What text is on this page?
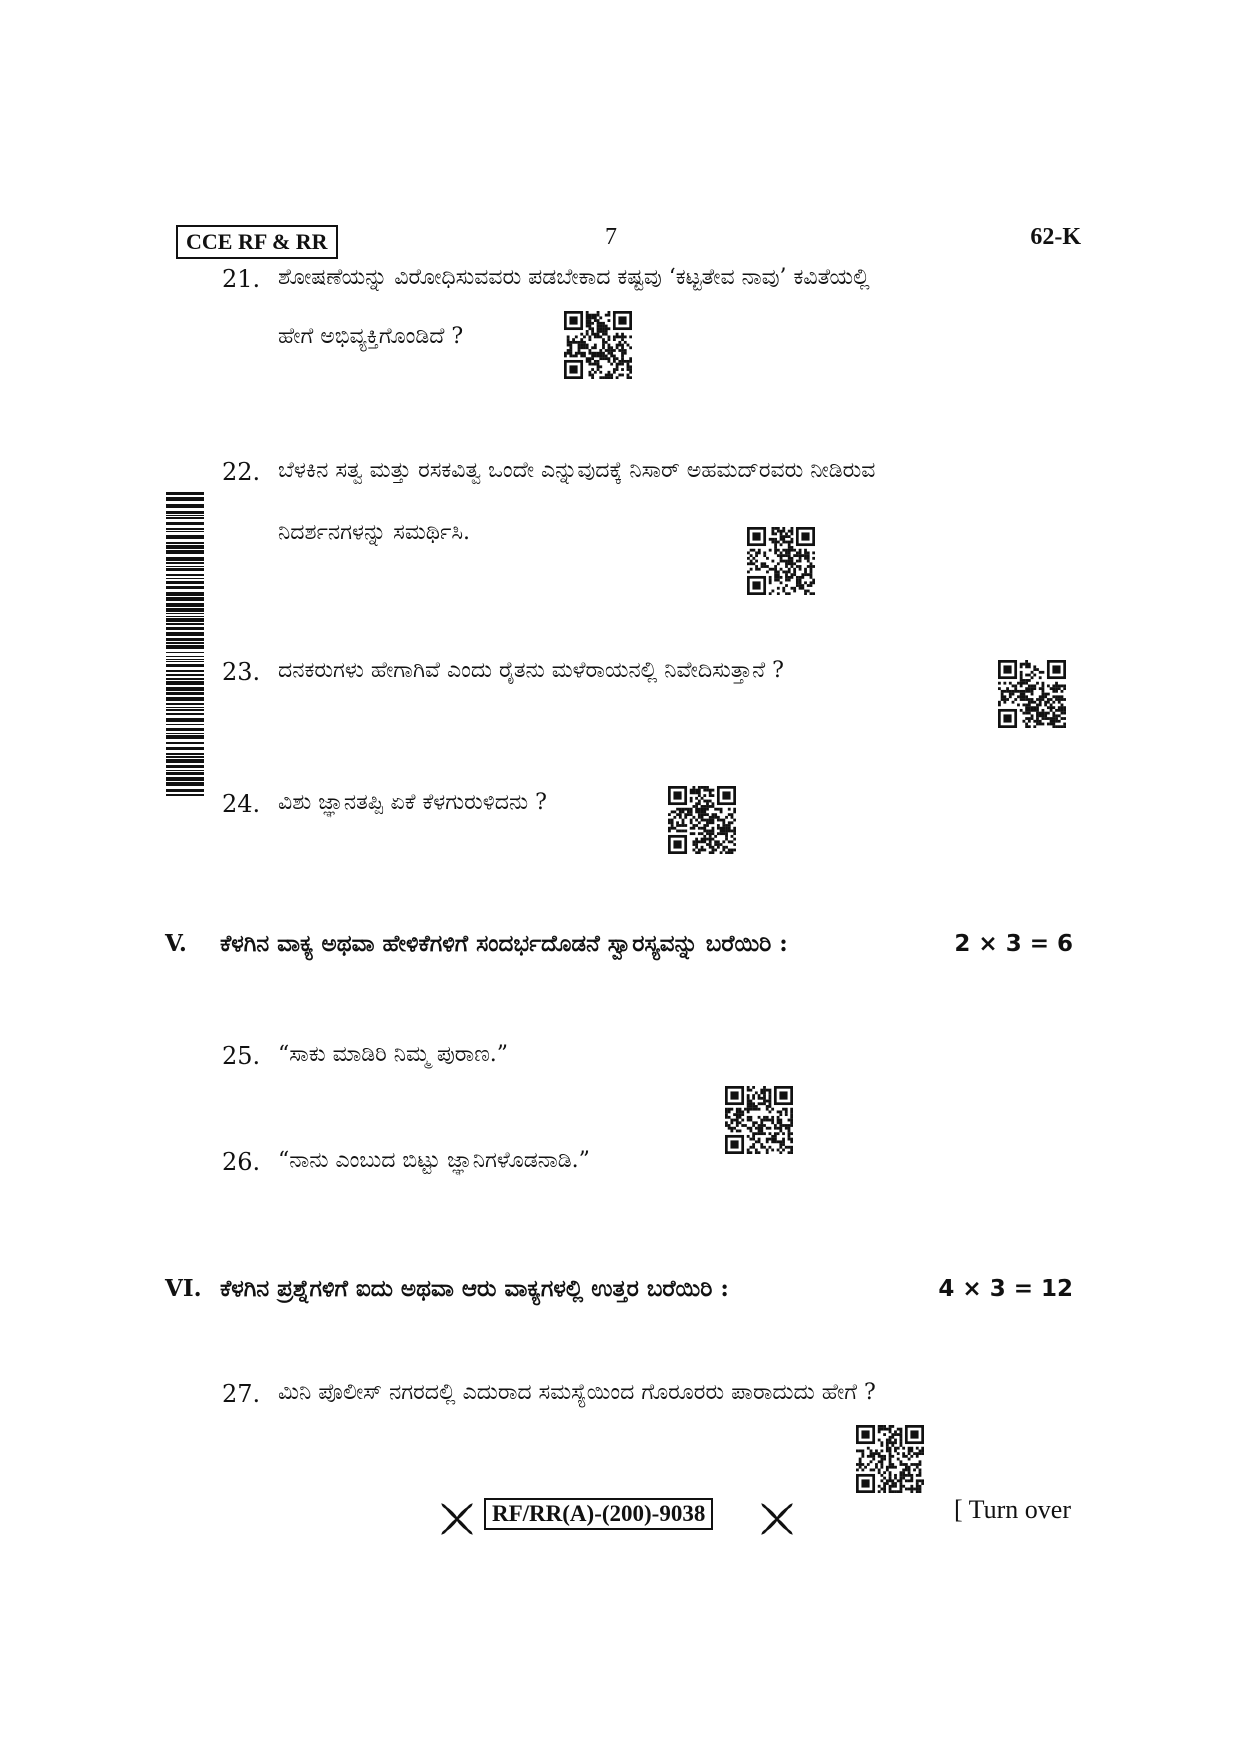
CCE RF & RR	7	62-K
21. ಶೋಷಣೆಯನ್ನು ವಿರೋಧಿಸುವವರು ಪಡಬೇಕಾದ ಕಷ್ಟವು ‘ಕಟ್ಟತೇವ ನಾವು’ ಕವಿತೆಯಲ್ಲಿ
ಹೇಗೆ ಅಭಿವ್ಯಕ್ತಿಗೊಂಡಿದೆ ?
22. ಬೆಳಕಿನ ಸತ್ವ ಮತ್ತು ರಸಕವಿತ್ವ ಒಂದೇ ಎನ್ನುವುದಕ್ಕೆ ನಿಸಾರ್ ಅಹಮದ್‌ರವರು ನೀಡಿರುವ
ನಿದರ್ಶನಗಳನ್ನು ಸಮರ್ಥಿಸಿ.
23. ದನಕರುಗಳು ಹೇಗಾಗಿವೆ ಎಂದು ರೈತನು ಮಳೆರಾಯನಲ್ಲಿ ನಿವೇದಿಸುತ್ತಾನೆ ?
24. ವಿಶು ಜ್ಞಾನತಪ್ಪಿ ಏಕೆ ಕೆಳಗುರುಳಿದನು ?
V. ಕೆಳಗಿನ ವಾಕ್ಯ ಅಥವಾ ಹೇಳಿಕೆಗಳಿಗೆ ಸಂದರ್ಭದೊಡನೆ ಸ್ವಾರಸ್ಯವನ್ನು ಬರೆಯಿರಿ :	2 × 3 = 6
25. “ಸಾಕು ಮಾಡಿರಿ ನಿಮ್ಮ ಪುರಾಣ.”
26. “ನಾನು ಎಂಬುದ ಬಿಟ್ಟು ಜ್ಞಾನಿಗಳೊಡನಾಡಿ.”
VI. ಕೆಳಗಿನ ಪ್ರಶ್ನೆಗಳಿಗೆ ಐದು ಅಥವಾ ಆರು ವಾಕ್ಯಗಳಲ್ಲಿ ಉತ್ತರ ಬರೆಯಿರಿ :	4 × 3 = 12
27. ಮಿನಿ ಪೊಲೀಸ್ ನಗರದಲ್ಲಿ ಎದುರಾದ ಸಮಸ್ಯೆಯಿಂದ ಗೊರೂರರು ಪಾರಾದುದು ಹೇಗೆ ?
RF/RR(A)-(200)-9038	[ Turn over
